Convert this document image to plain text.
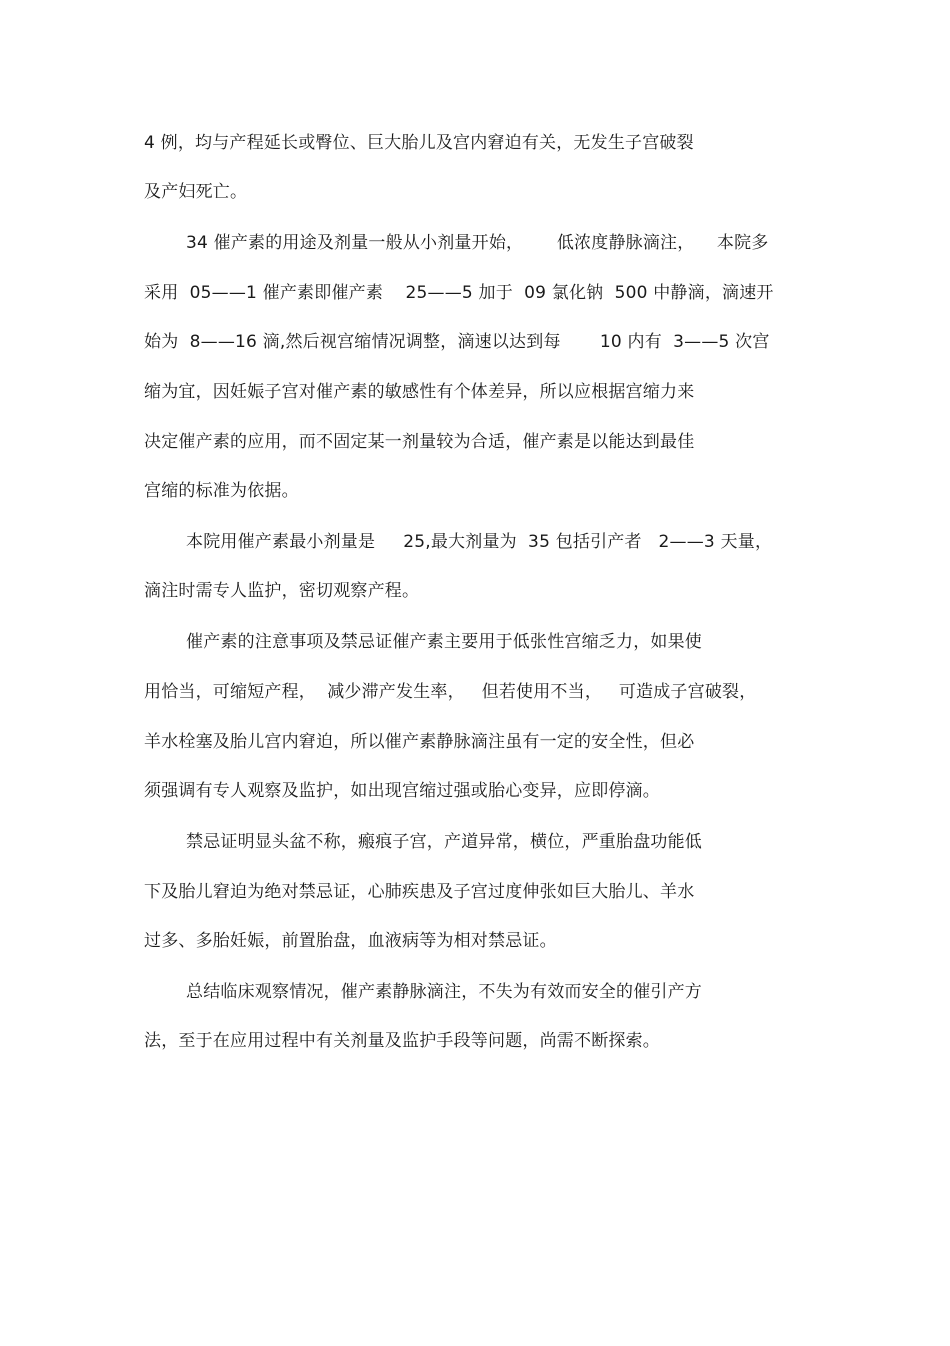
4 例，均与产程延长或臀位、巨大胎儿及宫内窘迫有关，无发生子宫破裂
及产妇死亡。
34 催产素的用途及剂量一般从小剂量开始，      低浓度静脉滴注，    本院多
采用  05——1 催产素即催产素    25——5 加于  09 氯化钠  500 中静滴，滴速开
始为  8——16 滴,然后视宫缩情况调整，滴速以达到每       10 内有  3——5 次宫
缩为宜，因妊娠子宫对催产素的敏感性有个体差异，所以应根据宫缩力来
决定催产素的应用，而不固定某一剂量较为合适，催产素是以能达到最佳
宫缩的标准为依据。
本院用催产素最小剂量是     25,最大剂量为  35 包括引产者   2——3 天量，
滴注时需专人监护，密切观察产程。
催产素的注意事项及禁忌证催产素主要用于低张性宫缩乏力，如果使
用恰当，可缩短产程，  减少滞产发生率，   但若使用不当，   可造成子宫破裂，
羊水栓塞及胎儿宫内窘迫，所以催产素静脉滴注虽有一定的安全性，但必
须强调有专人观察及监护，如出现宫缩过强或胎心变异，应即停滴。
禁忌证明显头盆不称，瘢痕子宫，产道异常，横位，严重胎盘功能低
下及胎儿窘迫为绝对禁忌证，心肺疾患及子宫过度伸张如巨大胎儿、羊水
过多、多胎妊娠，前置胎盘，血液病等为相对禁忌证。
总结临床观察情况，催产素静脉滴注，不失为有效而安全的催引产方
法，至于在应用过程中有关剂量及监护手段等问题，尚需不断探索。
